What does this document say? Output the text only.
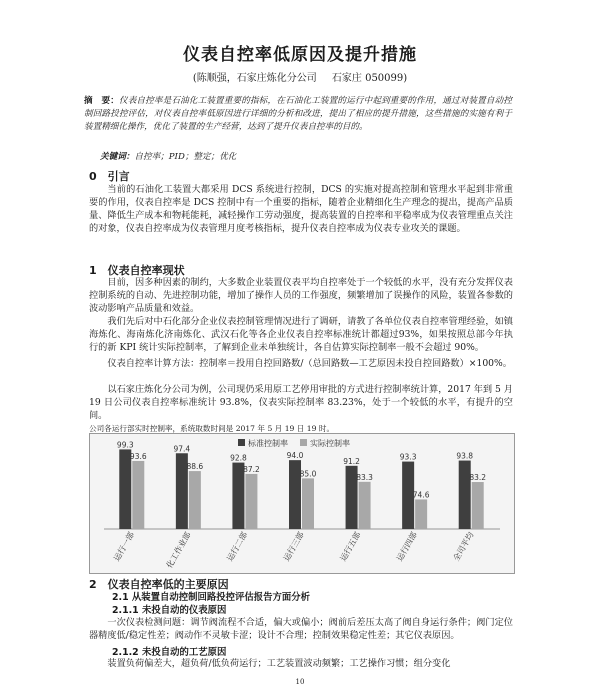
仪表自控率低原因及提升措施
(陈顺强，石家庄炼化分公司 石家庄 050099)
摘　要：仪表自控率是石油化工装置重要的指标，在石油化工装置的运行中起到重要的作用，通过对装置自动控制回路投控评估，对仪表自控率低原因进行详细的分析和改进，提出了相应的提升措施，这些措施的实施有利于装置精细化操作，优化了装置的生产经营，达到了提升仪表自控率的目的。
关键词：自控率；PID；整定；优化
0　引言

当前的石油化工装置大都采用 DCS 系统进行控制，DCS 的实施对提高控制和管理水平起到非常重要的作用，仪表自控率是 DCS 控制中有一个重要的指标，随着企业精细化生产理念的提出，提高产品质量、降低生产成本和物耗能耗，减轻操作工劳动强度，提高装置的自控率和平稳率成为仪表管理重点关注的对象，仪表自控率成为仪表管理月度考核指标，提升仪表自控率成为仪表专业攻关的课题。

1　仪表自控率现状

目前，因多种因素的制约，大多数企业装置仪表平均自控率处于一个较低的水平，没有充分发挥仪表控制系统的自动、先进控制功能，增加了操作人员的工作强度，频繁增加了误操作的风险，装置各参数的波动影响产品质量和效益。

我们先后对中石化部分企业仪表控制管理情况进行了调研，请教了各单位仪表自控率管理经验，如镇海炼化、海南炼化济南炼化、武汉石化等各企业仪表自控率标准统计都超过93%，如果按照总部今年执行的新 KPI 统计实际控制率，了解到企业未单独统计，各自估算实际控制率一般不会超过 90%。

仪表自控率计算方法：控制率＝投用自控回路数/（总回路数—工艺原因未投自控回路数）×100%。

以石家庄炼化分公司为例，公司现仍采用原工艺停用审批的方式进行控制率统计算，2017 年到 5 月 19 日公司仪表自控率标准统计 93.8%，仪表实际控制率 83.23%，处于一个较低的水平，有提升的空间。

公司各运行部实时控制率，系统取数时间是 2017 年 5 月 19 日 19 时。
标准控制率	实际控制率
99.3
93.6
运行一部
97.4
88.6
化工作业部
92.8
87.2
运行二部
94.0
85.0
运行三部
91.2
83.3
运行五部
93.3
74.6
运行四部
93.8
83.2
全司平均
2　仪表自控率低的主要原因
2.1 从装置自动控制回路投控评估报告方面分析
2.1.1 未投自动的仪表原因

一次仪表检测问题：调节阀流程不合适，偏大或偏小；阀前后差压太高了阀自身运行条件；阀门定位器精度低/稳定性差；阀动作不灵敏卡涩；设计不合理；控制效果稳定性差；其它仪表原因。

2.1.2 未投自动的工艺原因

装置负荷偏差大，超负荷/低负荷运行；工艺装置波动频繁；工艺操作习惯；组分变化

10
